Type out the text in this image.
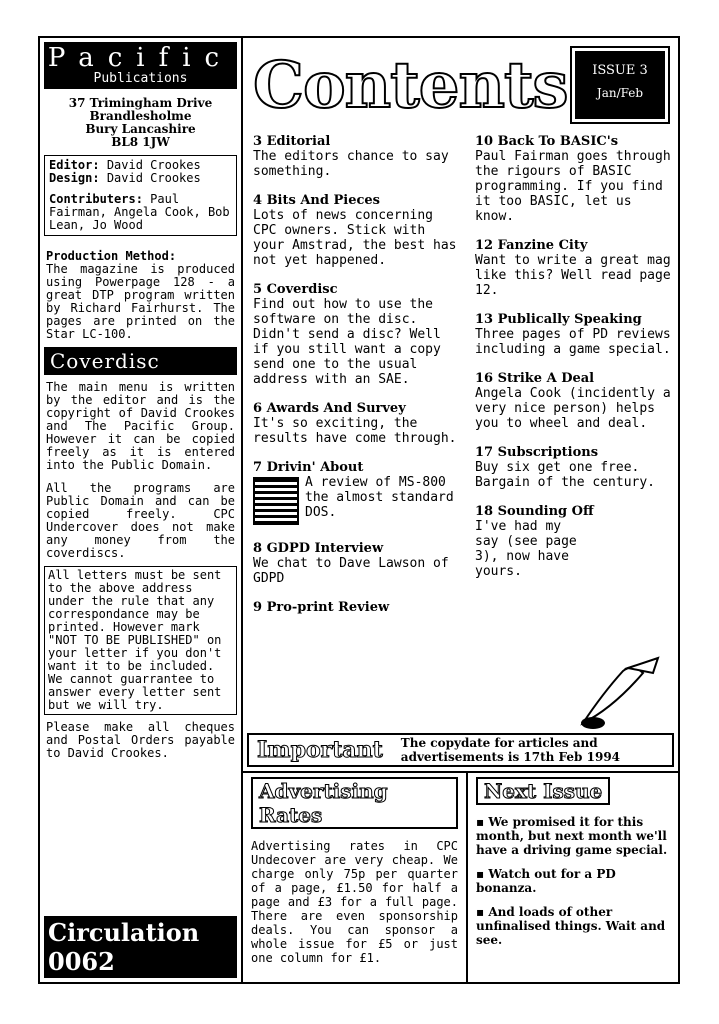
Pacific
Publications
37 Trimingham Drive
Brandlesholme
Bury Lancashire
BL8 1JW
Editor: David Crookes
Design: David Crookes
Contributers: Paul Fairman, Angela Cook, Bob Lean, Jo Wood
Production Method:
The magazine is produced using Powerpage 128 - a great DTP program written by Richard Fairhurst. The pages are printed on the Star LC-100.
Coverdisc
The main menu is written by the editor and is the copyright of David Crookes and The Pacific Group. However it can be copied freely as it is entered into the Public Domain.
All the programs are Public Domain and can be copied freely. CPC Undercover does not make any money from the coverdiscs.
All letters must be sent to the above address under the rule that any correspondance may be printed. However mark "NOT TO BE PUBLISHED" on your letter if you don't want it to be included. We cannot guarrantee to answer every letter sent but we will try.
Please make all cheques and Postal Orders payable to David Crookes.
Circulation 0062
Contents	ISSUE 3
Jan/Feb
3 Editorial
The editors chance to say something.
4 Bits And Pieces
Lots of news concerning CPC owners. Stick with your Amstrad, the best has not yet happened.
5 Coverdisc
Find out how to use the software on the disc. Didn't send a disc? Well if you still want a copy send one to the usual address with an SAE.
6 Awards And Survey
It's so exciting, the results have come through.
7 Drivin' About
A review of MS-800 the almost standard DOS.
8 GDPD Interview
We chat to Dave Lawson of GDPD
9 Pro-print Review
10 Back To BASIC's
Paul Fairman goes through the rigours of BASIC programming. If you find it too BASIC, let us know.
12 Fanzine City
Want to write a great mag like this? Well read page 12.
13 Publically Speaking
Three pages of PD reviews including a game special.
16 Strike A Deal
Angela Cook (incidently a very nice person) helps you to wheel and deal.
17 Subscriptions
Buy six get one free. Bargain of the century.
18 Sounding Off
I've had my say (see page 3), now have yours.
Important	The copydate for articles and advertisements is 17th Feb 1994
Advertising Rates
Advertising rates in CPC Undecover are very cheap. We charge only 75p per quarter of a page, £1.50 for half a page and £3 for a full page. There are even sponsorship deals. You can sponsor a whole issue for £5 or just one column for £1.
Next Issue
▪ We promised it for this month, but next month we'll have a driving game special.
▪ Watch out for a PD bonanza.
▪ And loads of other unfinalised things. Wait and see.
